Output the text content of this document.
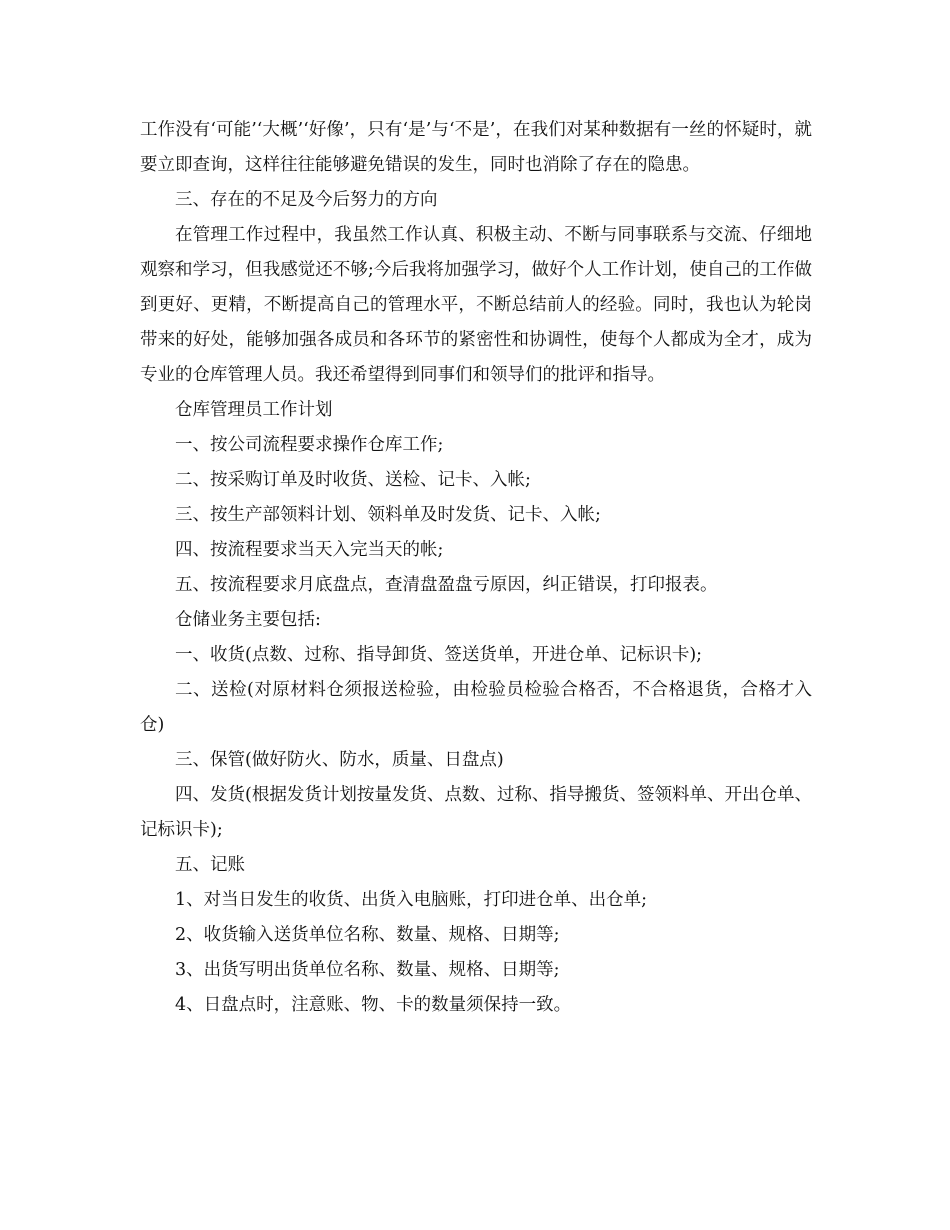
工作没有‘可能’‘大概’‘好像’，只有‘是’与‘不是’，在我们对某种数据有一丝的怀疑时，就要立即查询，这样往往能够避免错误的发生，同时也消除了存在的隐患。

三、存在的不足及今后努力的方向

在管理工作过程中，我虽然工作认真、积极主动、不断与同事联系与交流、仔细地观察和学习，但我感觉还不够;今后我将加强学习，做好个人工作计划，使自己的工作做到更好、更精，不断提高自己的管理水平，不断总结前人的经验。同时，我也认为轮岗带来的好处，能够加强各成员和各环节的紧密性和协调性，使每个人都成为全才，成为专业的仓库管理人员。我还希望得到同事们和领导们的批评和指导。

仓库管理员工作计划

一、按公司流程要求操作仓库工作;

二、按采购订单及时收货、送检、记卡、入帐;

三、按生产部领料计划、领料单及时发货、记卡、入帐;

四、按流程要求当天入完当天的帐;

五、按流程要求月底盘点，查清盘盈盘亏原因，纠正错误，打印报表。

仓储业务主要包括:

一、收货(点数、过称、指导卸货、签送货单，开进仓单、记标识卡);

二、送检(对原材料仓须报送检验，由检验员检验合格否，不合格退货，合格才入仓)

三、保管(做好防火、防水，质量、日盘点)

四、发货(根据发货计划按量发货、点数、过称、指导搬货、签领料单、开出仓单、记标识卡);

五、记账

1、对当日发生的收货、出货入电脑账，打印进仓单、出仓单;

2、收货输入送货单位名称、数量、规格、日期等;

3、出货写明出货单位名称、数量、规格、日期等;

4、日盘点时，注意账、物、卡的数量须保持一致。
